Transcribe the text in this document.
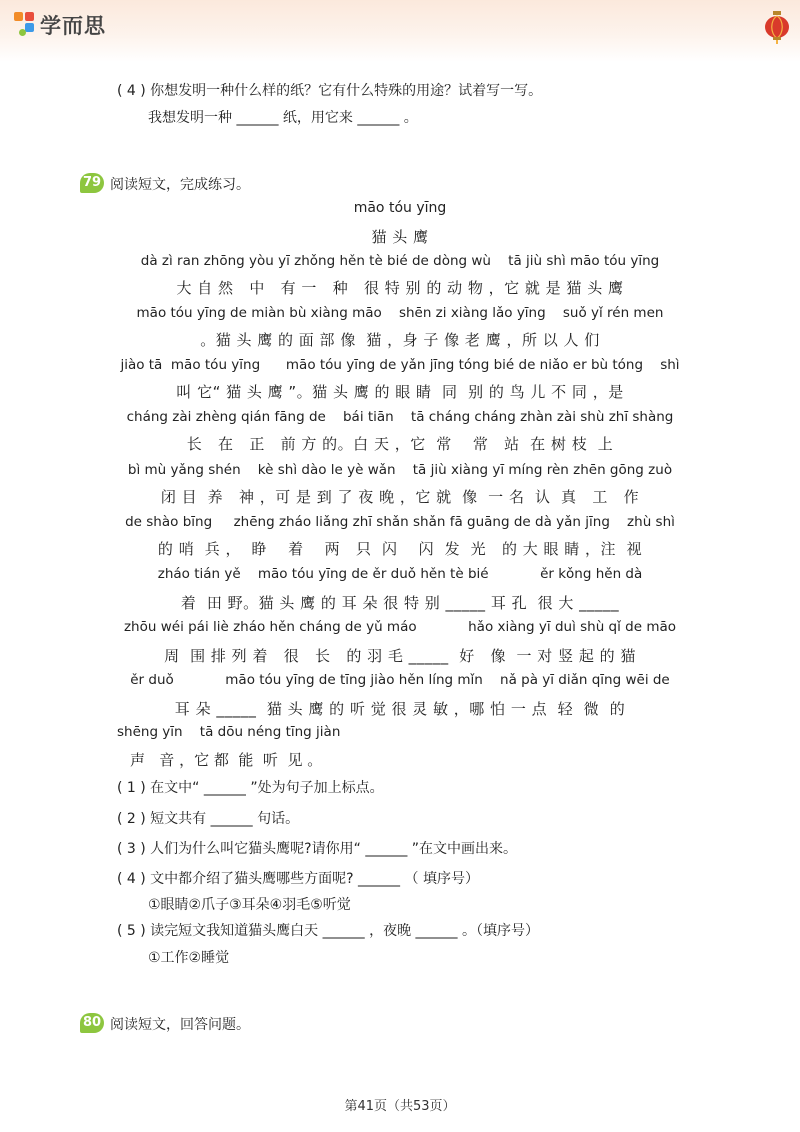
学而思
( 4 ) 你想发明一种什么样的纸？它有什么特殊的用途？试着写一写。
我想发明一种 ______ 纸，用它来 ______ 。
79 阅读短文，完成练习。
māo tóu yīng
猫 头 鹰
dà zì ran zhōng yòu yī zhǒng hěn tè bié de dòng wù    tā jiù shì māo tóu yīng
大 自 然   中   有 一   种   很 特 别 的 动 物 ，它 就 是 猫 头 鹰
māo tóu yīng de miàn bù xiàng māo    shēn zi xiàng lǎo yīng    suǒ yǐ rén men
。猫 头 鹰 的 面 部 像  猫 ，身 子 像 老 鹰 ，所 以 人 们
jiào tā  māo tóu yīng      māo tóu yīng de yǎn jīng tóng bié de niǎo er bù tóng    shì
叫 它“ 猫 头 鹰 ”。猫 头 鹰 的 眼 睛  同  别 的 鸟 儿 不 同 ，是
cháng zài zhèng qián fāng de    bái tiān    tā cháng cháng zhàn zài shù zhī shàng
长   在   正   前 方 的。白 天 ，它  常    常   站  在 树 枝  上
bì mù yǎng shén    kè shì dào le yè wǎn    tā jiù xiàng yī míng rèn zhēn gōng zuò
闭 目  养   神 ，可 是 到 了 夜 晚 ，它 就  像  一 名  认  真   工   作
de shào bīng     zhēng zháo liǎng zhī shǎn shǎn fā guāng de dà yǎn jīng    zhù shì
的 哨  兵 ，  睁    着    两   只  闪    闪  发  光   的 大 眼 睛 ，注  视
zháo tián yě    māo tóu yīng de ěr duǒ hěn tè bié            ěr kǒng hěn dà
着  田 野。猫 头 鹰 的 耳 朵 很 特 别 _____ 耳 孔  很 大 _____
zhōu wéi pái liè zháo hěn cháng de yǔ máo            hǎo xiàng yī duì shù qǐ de māo
周  围 排 列 着   很   长   的 羽 毛 _____  好   像  一 对 竖 起 的 猫
ěr duǒ            māo tóu yīng de tīng jiào hěn líng mǐn    nǎ pà yī diǎn qīng wēi de
耳 朵 _____  猫 头 鹰 的 听 觉 很 灵 敏 ，哪 怕 一 点  轻  微  的
shēng yīn    tā dōu néng tīng jiàn
声   音 ，它 都  能  听  见 。
( 1 ) 在文中“ ______ ”处为句子加上标点。
( 2 ) 短文共有 ______ 句话。
( 3 ) 人们为什么叫它猫头鹰呢?请你用“ ______ ”在文中画出来。
( 4 ) 文中都介绍了猫头鹰哪些方面呢? ______ （ 填序号）
①眼睛②爪子③耳朵④羽毛⑤听觉
( 5 ) 读完短文我知道猫头鹰白天 ______ ，夜晚 ______ 。（填序号）
①工作②睡觉
80 阅读短文，回答问题。
第41页（共53页）
